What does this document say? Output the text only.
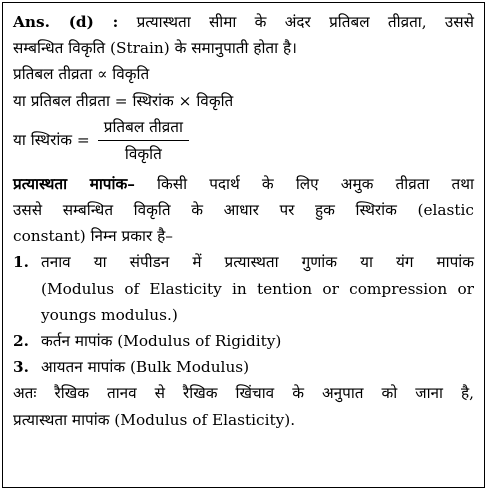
Ans. (d) : प्रत्यास्थता सीमा के अंदर प्रतिबल तीव्रता, उससे
सम्बन्धित विकृति (Strain) के समानुपाती होता है।
प्रतिबल तीव्रता ∝ विकृति
या प्रतिबल तीव्रता = स्थिरांक × विकृति
या स्थिरांक = $\frac{\text{प्रतिबल तीव्रता}}{\text{विकृति}}$
प्रत्यास्थता मापांक– किसी पदार्थ के लिए अमुक तीव्रता तथा
उससे सम्बन्धित विकृति के आधार पर हुक स्थिरांक (elastic
constant) निम्न प्रकार है–
1. तनाव या संपीडन में प्रत्यास्थता गुणांक या यंग मापांक
(Modulus of Elasticity in tention or compression or
youngs modulus.)
2. कर्तन मापांक (Modulus of Rigidity)
3. आयतन मापांक (Bulk Modulus)
अतः रैखिक तानव से रैखिक खिंचाव के अनुपात को जाना है,
प्रत्यास्थता मापांक (Modulus of Elasticity).
